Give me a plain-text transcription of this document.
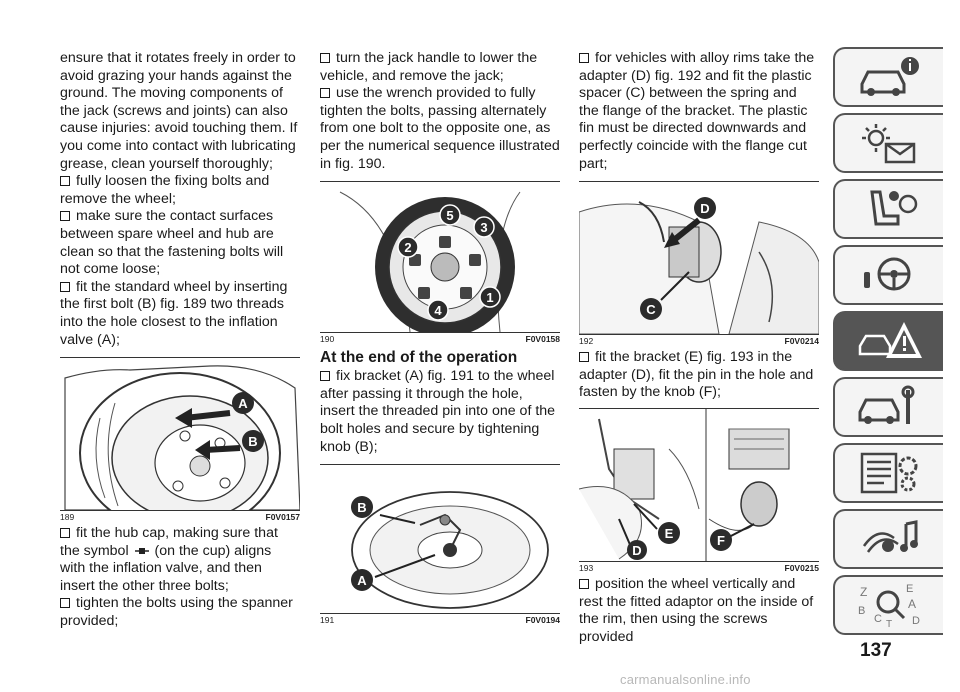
ensure that it rotates freely in order to avoid grazing your hands against the ground. The moving components of the jack (screws and joints) can also cause injuries: avoid touching them. If you come into contact with lubricating grease, clean yourself thoroughly;

fully loosen the fixing bolts and remove the wheel;

make sure the contact surfaces between spare wheel and hub are clean so that the fastening bolts will not come loose;

fit the standard wheel by inserting the first bolt (B) fig. 189 two threads into the hole closest to the inflation valve (A);

A
B
189	F0V0157

fit the hub cap, making sure that the symbol (on the cup) aligns with the inflation valve, and then insert the other three bolts;

tighten the bolts using the spanner provided;

turn the jack handle to lower the vehicle, and remove the jack;

use the wrench provided to fully tighten the bolts, passing alternately from one bolt to the opposite one, as per the numerical sequence illustrated in fig. 190.

1
2
3
4
5
190	F0V0158
At the end of the operation

fix bracket (A) fig. 191 to the wheel after passing it through the hole, insert the threaded pin into one of the bolt holes and secure by tightening knob (B);

B
A
191	F0V0194

for vehicles with alloy rims take the adapter (D) fig. 192 and fit the plastic spacer (C) between the spring and the flange of the bracket. The plastic fin must be directed downwards and perfectly coincide with the flange cut part;

D
C
192	F0V0214

fit the bracket (E) fig. 193 in the adapter (D), fit the pin in the hole and fasten by the knob (F);

E
D
F
193	F0V0215

position the wheel vertically and rest the fitted adaptor on the inside of the rim, then using the screws provided

Z	E
A
B
C	D
T
137
carmanualsonline.info
